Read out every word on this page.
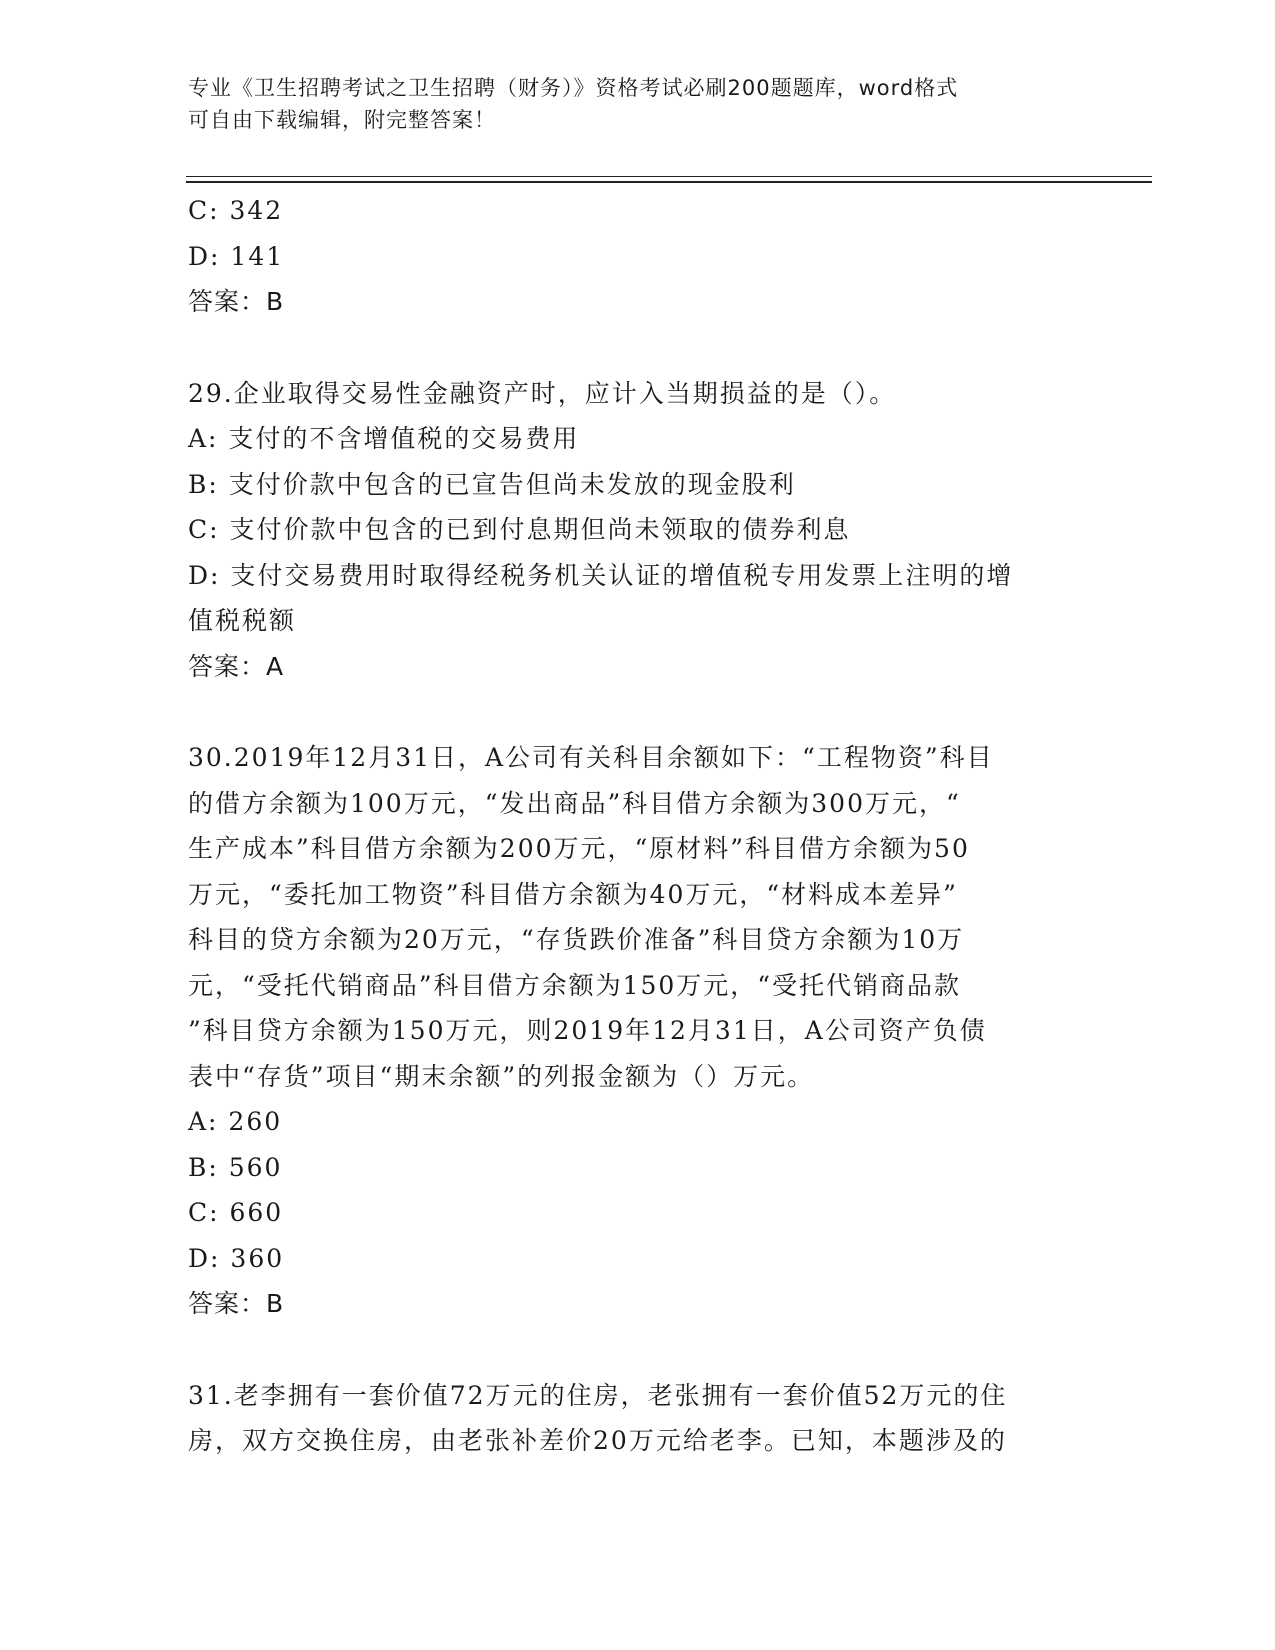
专业《卫生招聘考试之卫生招聘（财务）》资格考试必刷200题题库，word格式
可自由下载编辑，附完整答案！
C: 342
D: 141
答案：B
29.企业取得交易性金融资产时，应计入当期损益的是（）。
A: 支付的不含增值税的交易费用
B: 支付价款中包含的已宣告但尚未发放的现金股利
C: 支付价款中包含的已到付息期但尚未领取的债券利息
D: 支付交易费用时取得经税务机关认证的增值税专用发票上注明的增
值税税额
答案：A
30.2019年12月31日，A公司有关科目余额如下：“工程物资”科目
的借方余额为100万元，“发出商品”科目借方余额为300万元，“
生产成本”科目借方余额为200万元，“原材料”科目借方余额为50
万元，“委托加工物资”科目借方余额为40万元，“材料成本差异”
科目的贷方余额为20万元，“存货跌价准备”科目贷方余额为10万
元，“受托代销商品”科目借方余额为150万元，“受托代销商品款
”科目贷方余额为150万元，则2019年12月31日，A公司资产负债
表中“存货”项目“期末余额”的列报金额为（）万元。
A: 260
B: 560
C: 660
D: 360
答案：B
31.老李拥有一套价值72万元的住房，老张拥有一套价值52万元的住
房，双方交换住房，由老张补差价20万元给老李。已知，本题涉及的
